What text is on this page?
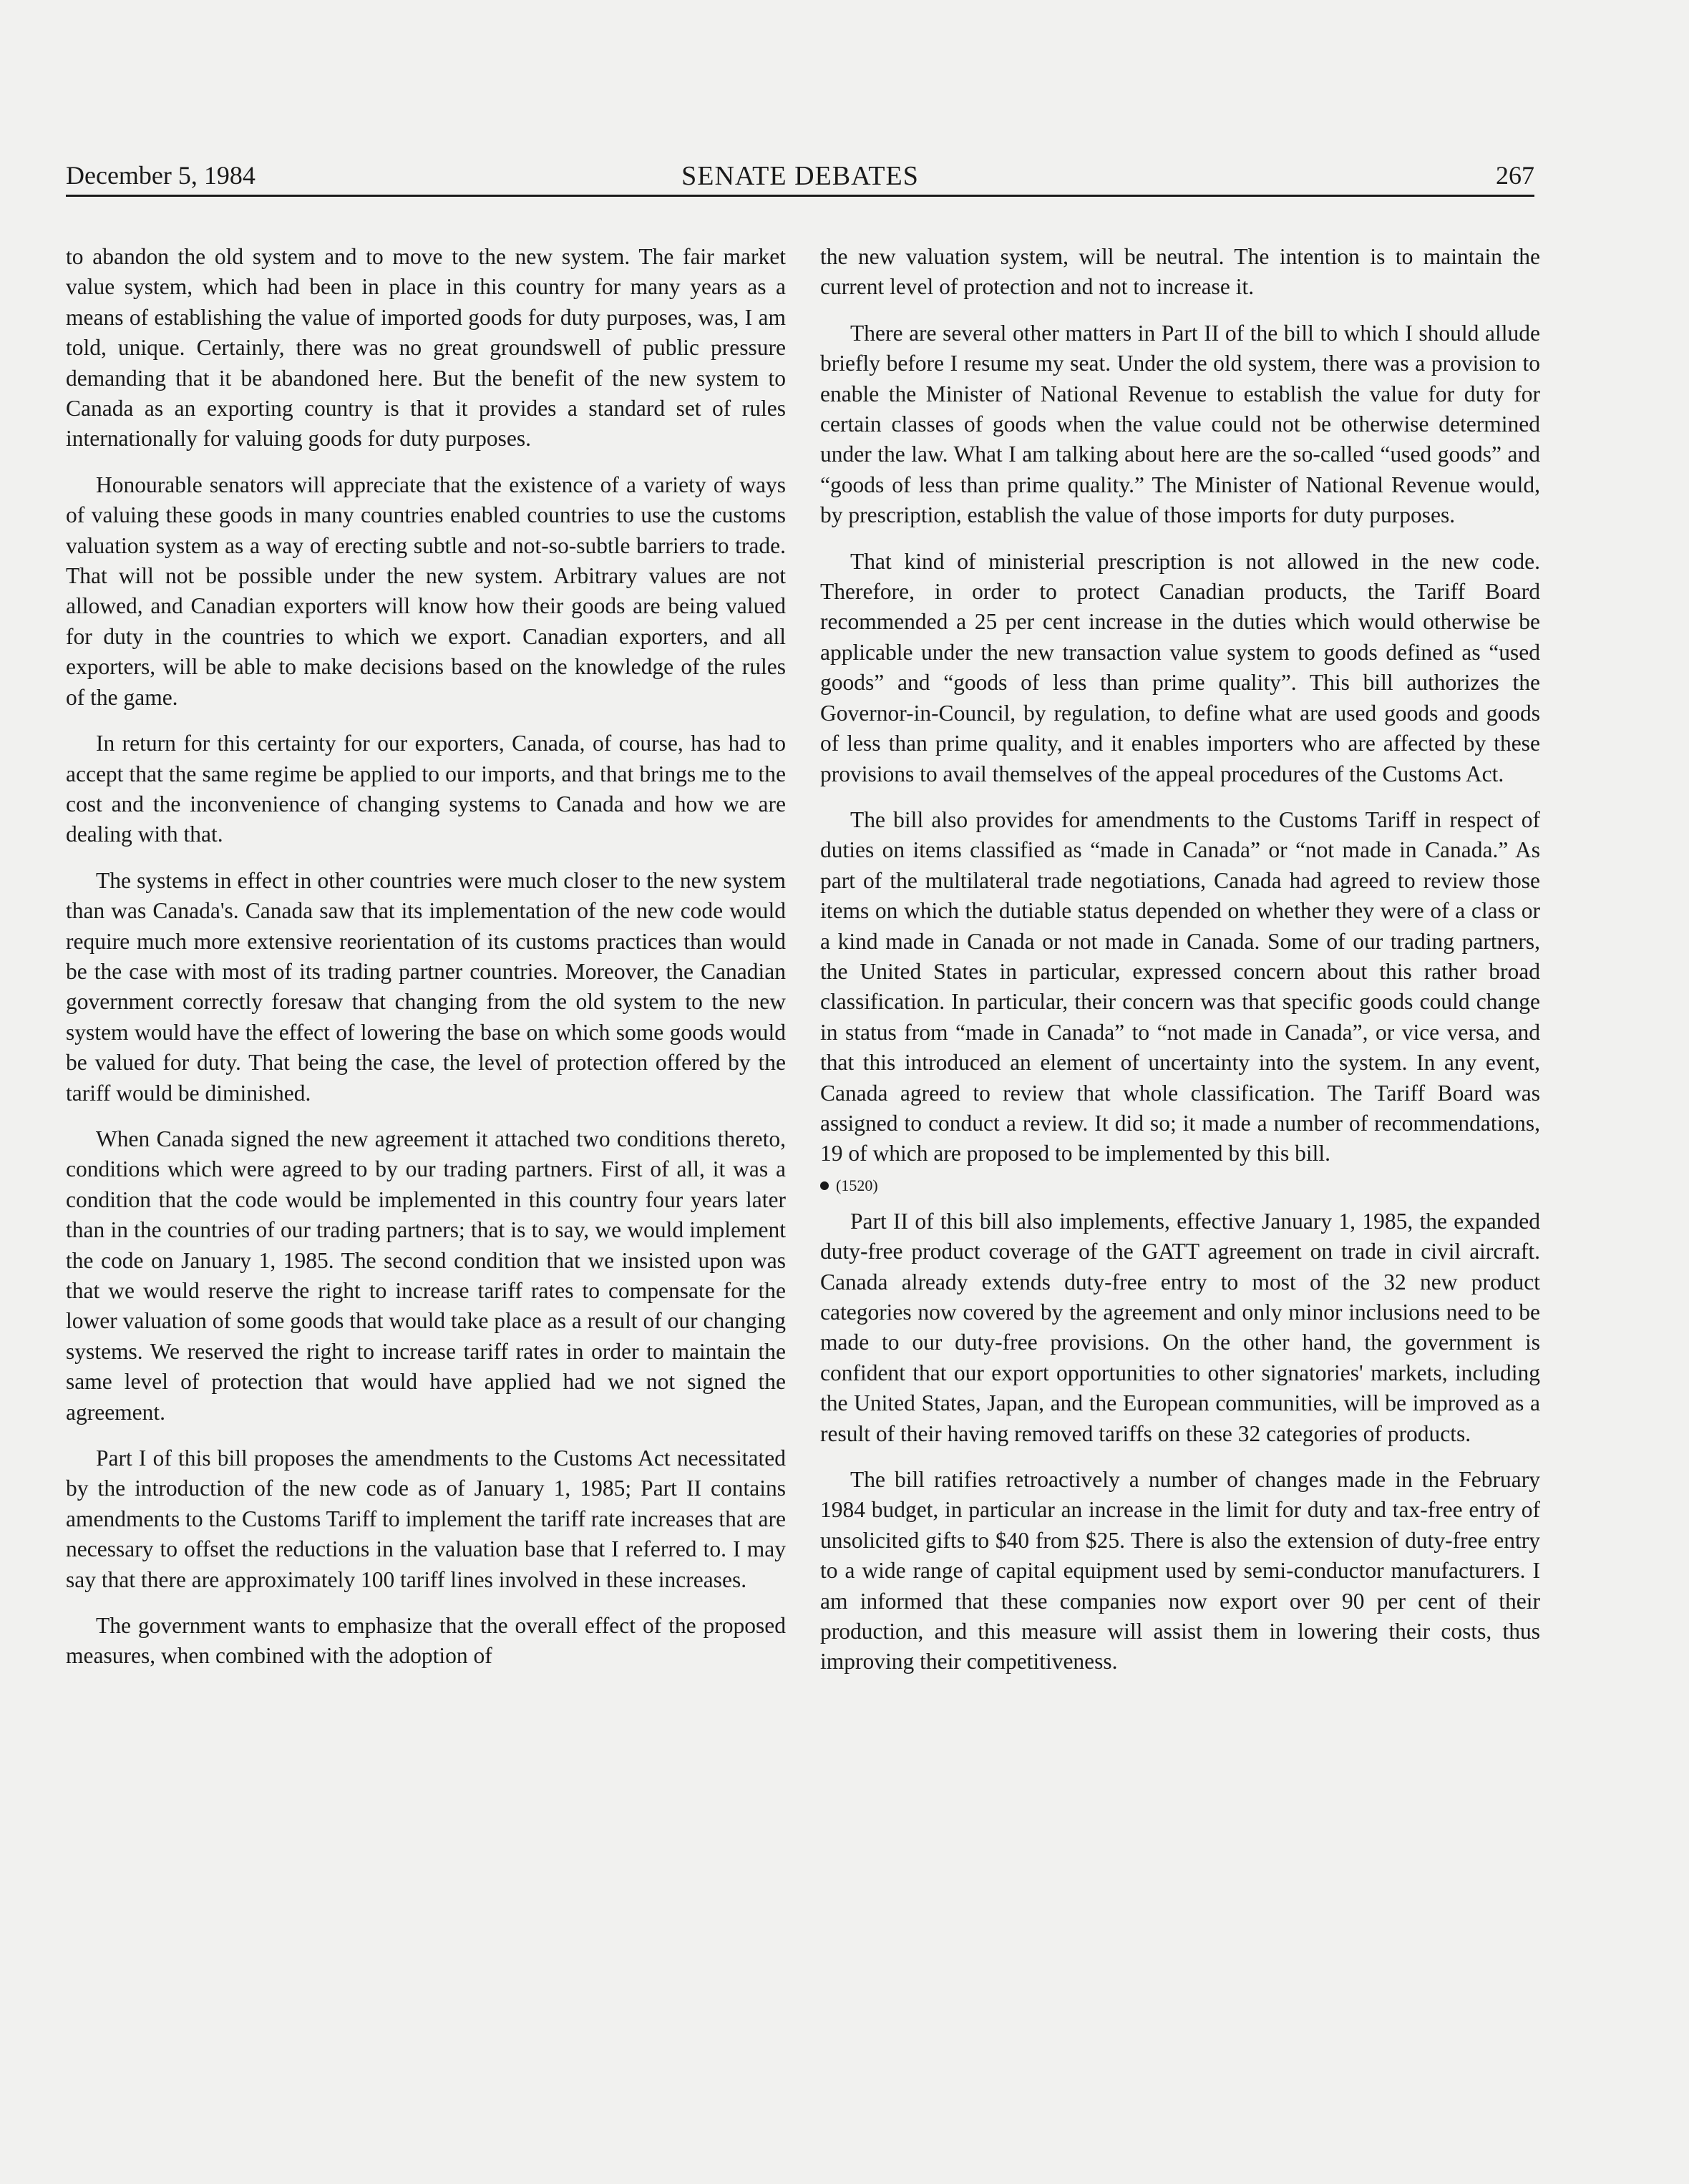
December 5, 1984	SENATE DEBATES	267

to abandon the old system and to move to the new system. The fair market value system, which had been in place in this country for many years as a means of establishing the value of imported goods for duty purposes, was, I am told, unique. Certainly, there was no great groundswell of public pressure demanding that it be abandoned here. But the benefit of the new system to Canada as an exporting country is that it provides a standard set of rules internationally for valuing goods for duty purposes.

Honourable senators will appreciate that the existence of a variety of ways of valuing these goods in many countries enabled countries to use the customs valuation system as a way of erecting subtle and not-so-subtle barriers to trade. That will not be possible under the new system. Arbitrary values are not allowed, and Canadian exporters will know how their goods are being valued for duty in the countries to which we export. Canadian exporters, and all exporters, will be able to make decisions based on the knowledge of the rules of the game.

In return for this certainty for our exporters, Canada, of course, has had to accept that the same regime be applied to our imports, and that brings me to the cost and the inconvenience of changing systems to Canada and how we are dealing with that.

The systems in effect in other countries were much closer to the new system than was Canada's. Canada saw that its implementation of the new code would require much more extensive reorientation of its customs practices than would be the case with most of its trading partner countries. Moreover, the Canadian government correctly foresaw that changing from the old system to the new system would have the effect of lowering the base on which some goods would be valued for duty. That being the case, the level of protection offered by the tariff would be diminished.

When Canada signed the new agreement it attached two conditions thereto, conditions which were agreed to by our trading partners. First of all, it was a condition that the code would be implemented in this country four years later than in the countries of our trading partners; that is to say, we would implement the code on January 1, 1985. The second condition that we insisted upon was that we would reserve the right to increase tariff rates to compensate for the lower valuation of some goods that would take place as a result of our changing systems. We reserved the right to increase tariff rates in order to maintain the same level of protection that would have applied had we not signed the agreement.

Part I of this bill proposes the amendments to the Customs Act necessitated by the introduction of the new code as of January 1, 1985; Part II contains amendments to the Customs Tariff to implement the tariff rate increases that are necessary to offset the reductions in the valuation base that I referred to. I may say that there are approximately 100 tariff lines involved in these increases.

The government wants to emphasize that the overall effect of the proposed measures, when combined with the adoption of

the new valuation system, will be neutral. The intention is to maintain the current level of protection and not to increase it.

There are several other matters in Part II of the bill to which I should allude briefly before I resume my seat. Under the old system, there was a provision to enable the Minister of National Revenue to establish the value for duty for certain classes of goods when the value could not be otherwise determined under the law. What I am talking about here are the so-called “used goods” and “goods of less than prime quality.” The Minister of National Revenue would, by prescription, establish the value of those imports for duty purposes.

That kind of ministerial prescription is not allowed in the new code. Therefore, in order to protect Canadian products, the Tariff Board recommended a 25 per cent increase in the duties which would otherwise be applicable under the new transaction value system to goods defined as “used goods” and “goods of less than prime quality”. This bill authorizes the Governor-in-Council, by regulation, to define what are used goods and goods of less than prime quality, and it enables importers who are affected by these provisions to avail themselves of the appeal procedures of the Customs Act.

The bill also provides for amendments to the Customs Tariff in respect of duties on items classified as “made in Canada” or “not made in Canada.” As part of the multilateral trade negotiations, Canada had agreed to review those items on which the dutiable status depended on whether they were of a class or a kind made in Canada or not made in Canada. Some of our trading partners, the United States in particular, expressed concern about this rather broad classification. In particular, their concern was that specific goods could change in status from “made in Canada” to “not made in Canada”, or vice versa, and that this introduced an element of uncertainty into the system. In any event, Canada agreed to review that whole classification. The Tariff Board was assigned to conduct a review. It did so; it made a number of recommendations, 19 of which are proposed to be implemented by this bill.

(1520)

Part II of this bill also implements, effective January 1, 1985, the expanded duty-free product coverage of the GATT agreement on trade in civil aircraft. Canada already extends duty-free entry to most of the 32 new product categories now covered by the agreement and only minor inclusions need to be made to our duty-free provisions. On the other hand, the government is confident that our export opportunities to other signatories' markets, including the United States, Japan, and the European communities, will be improved as a result of their having removed tariffs on these 32 categories of products.

The bill ratifies retroactively a number of changes made in the February 1984 budget, in particular an increase in the limit for duty and tax-free entry of unsolicited gifts to $40 from $25. There is also the extension of duty-free entry to a wide range of capital equipment used by semi-conductor manufacturers. I am informed that these companies now export over 90 per cent of their production, and this measure will assist them in lowering their costs, thus improving their competitiveness.
